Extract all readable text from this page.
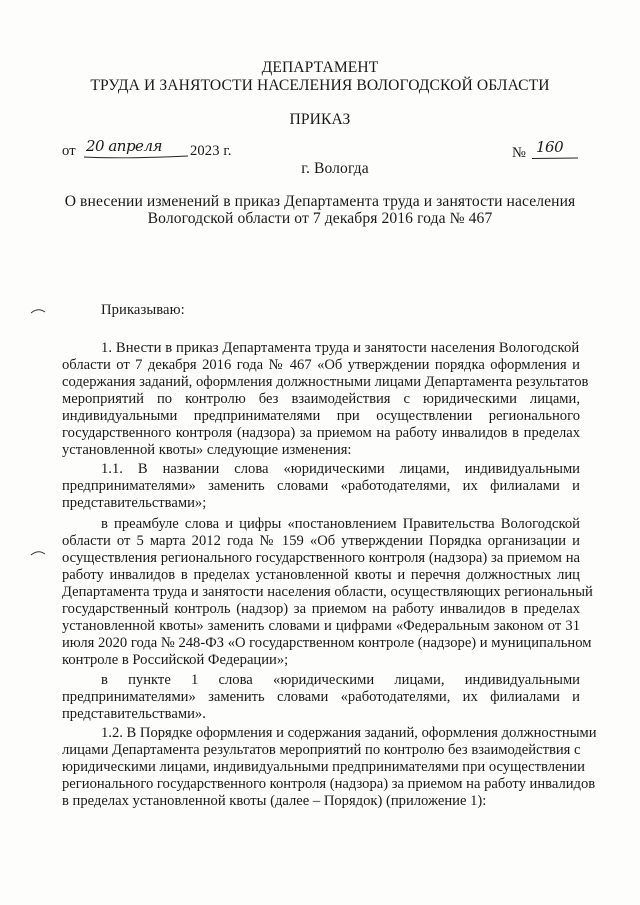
ДЕПАРТАМЕНТ
ТРУДА И ЗАНЯТОСТИ НАСЕЛЕНИЯ ВОЛОГОДСКОЙ ОБЛАСТИ
ПРИКАЗ
от 20 апреля 2023 г.	№ 160
г. Вологда
О внесении изменений в приказ Департамента труда и занятости населения
Вологодской области от 7 декабря 2016 года № 467
Приказываю:
1. Внести в приказ Департамента труда и занятости населения Вологодской
области от 7 декабря 2016 года № 467 «Об утверждении порядка оформления и
содержания заданий, оформления должностными лицами Департамента результатов
мероприятий по контролю без взаимодействия с юридическими лицами,
индивидуальными предпринимателями при осуществлении регионального
государственного контроля (надзора) за приемом на работу инвалидов в пределах
установленной квоты» следующие изменения:
1.1. В названии слова «юридическими лицами, индивидуальными
предпринимателями» заменить словами «работодателями, их филиалами и
представительствами»;
в преамбуле слова и цифры «постановлением Правительства Вологодской
области от 5 марта 2012 года № 159 «Об утверждении Порядка организации и
осуществления регионального государственного контроля (надзора) за приемом на
работу инвалидов в пределах установленной квоты и перечня должностных лиц
Департамента труда и занятости населения области, осуществляющих региональный
государственный контроль (надзор) за приемом на работу инвалидов в пределах
установленной квоты» заменить словами и цифрами «Федеральным законом от 31
июля 2020 года № 248-ФЗ «О государственном контроле (надзоре) и муниципальном
контроле в Российской Федерации»;
в пункте 1 слова «юридическими лицами, индивидуальными
предпринимателями» заменить словами «работодателями, их филиалами и
представительствами».
1.2. В Порядке оформления и содержания заданий, оформления должностными
лицами Департамента результатов мероприятий по контролю без взаимодействия с
юридическими лицами, индивидуальными предпринимателями при осуществлении
регионального государственного контроля (надзора) за приемом на работу инвалидов
в пределах установленной квоты (далее – Порядок) (приложение 1):
